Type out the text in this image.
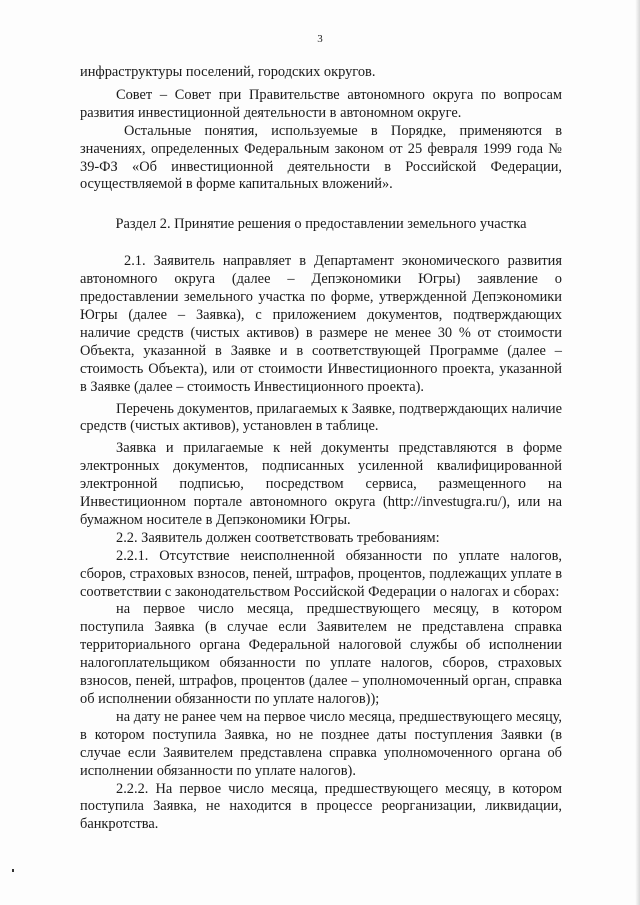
3

инфраструктуры поселений, городских округов.

Совет – Совет при Правительстве автономного округа по вопросам развития инвестиционной деятельности в автономном округе.

Остальные понятия, используемые в Порядке, применяются в значениях, определенных Федеральным законом от 25 февраля 1999 года № 39-ФЗ «Об инвестиционной деятельности в Российской Федерации, осуществляемой в форме капитальных вложений».

Раздел 2. Принятие решения о предоставлении земельного участка

2.1. Заявитель направляет в Департамент экономического развития автономного округа (далее – Депэкономики Югры) заявление о предоставлении земельного участка по форме, утвержденной Депэкономики Югры (далее – Заявка), с приложением документов, подтверждающих наличие средств (чистых активов) в размере не менее 30 % от стоимости Объекта, указанной в Заявке и в соответствующей Программе (далее – стоимость Объекта), или от стоимости Инвестиционного проекта, указанной в Заявке (далее – стоимость Инвестиционного проекта).

Перечень документов, прилагаемых к Заявке, подтверждающих наличие средств (чистых активов), установлен в таблице.

Заявка и прилагаемые к ней документы представляются в форме электронных документов, подписанных усиленной квалифицированной электронной подписью, посредством сервиса, размещенного на Инвестиционном портале автономного округа (http://investugra.ru/), или на бумажном носителе в Депэкономики Югры.

2.2. Заявитель должен соответствовать требованиям:

2.2.1. Отсутствие неисполненной обязанности по уплате налогов, сборов, страховых взносов, пеней, штрафов, процентов, подлежащих уплате в соответствии с законодательством Российской Федерации о налогах и сборах:

на первое число месяца, предшествующего месяцу, в котором поступила Заявка (в случае если Заявителем не представлена справка территориального органа Федеральной налоговой службы об исполнении налогоплательщиком обязанности по уплате налогов, сборов, страховых взносов, пеней, штрафов, процентов (далее – уполномоченный орган, справка об исполнении обязанности по уплате налогов));

на дату не ранее чем на первое число месяца, предшествующего месяцу, в котором поступила Заявка, но не позднее даты поступления Заявки (в случае если Заявителем представлена справка уполномоченного органа об исполнении обязанности по уплате налогов).

2.2.2. На первое число месяца, предшествующего месяцу, в котором поступила Заявка, не находится в процессе реорганизации, ликвидации, банкротства.
